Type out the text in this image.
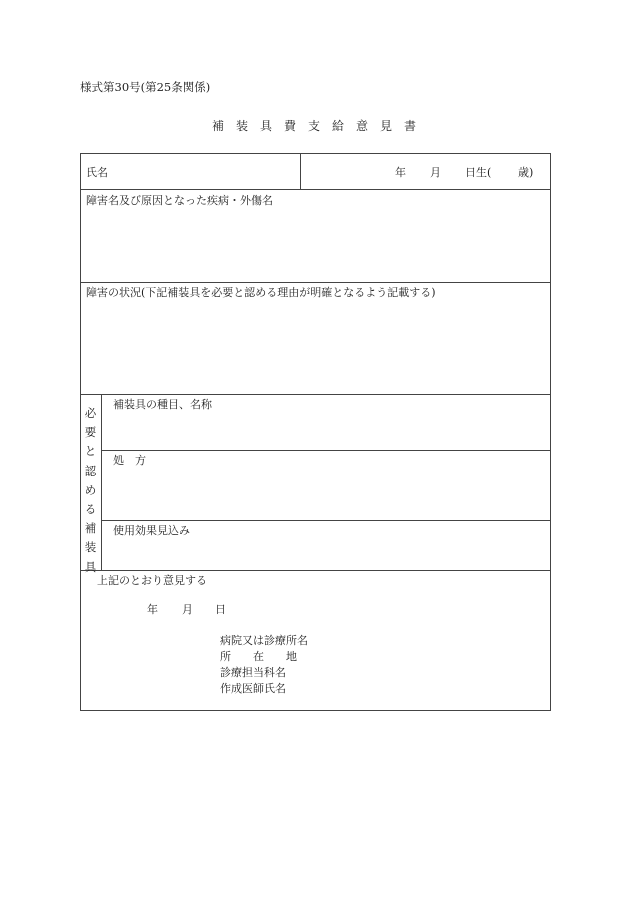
様式第30号(第25条関係)
補装具費支給意見書
氏名	年 月 日生( 歳)
障害名及び原因となった疾病・外傷名
障害の状況(下記補装具を必要と認める理由が明確となるよう記載する)
必
要
と
認
め
る
補
装
具
補装具の種目、名称
処　方
使用効果見込み
上記のとおり意見する
年 月 日
病院又は診療所名
所　　在　　地
診療担当科名
作成医師氏名
